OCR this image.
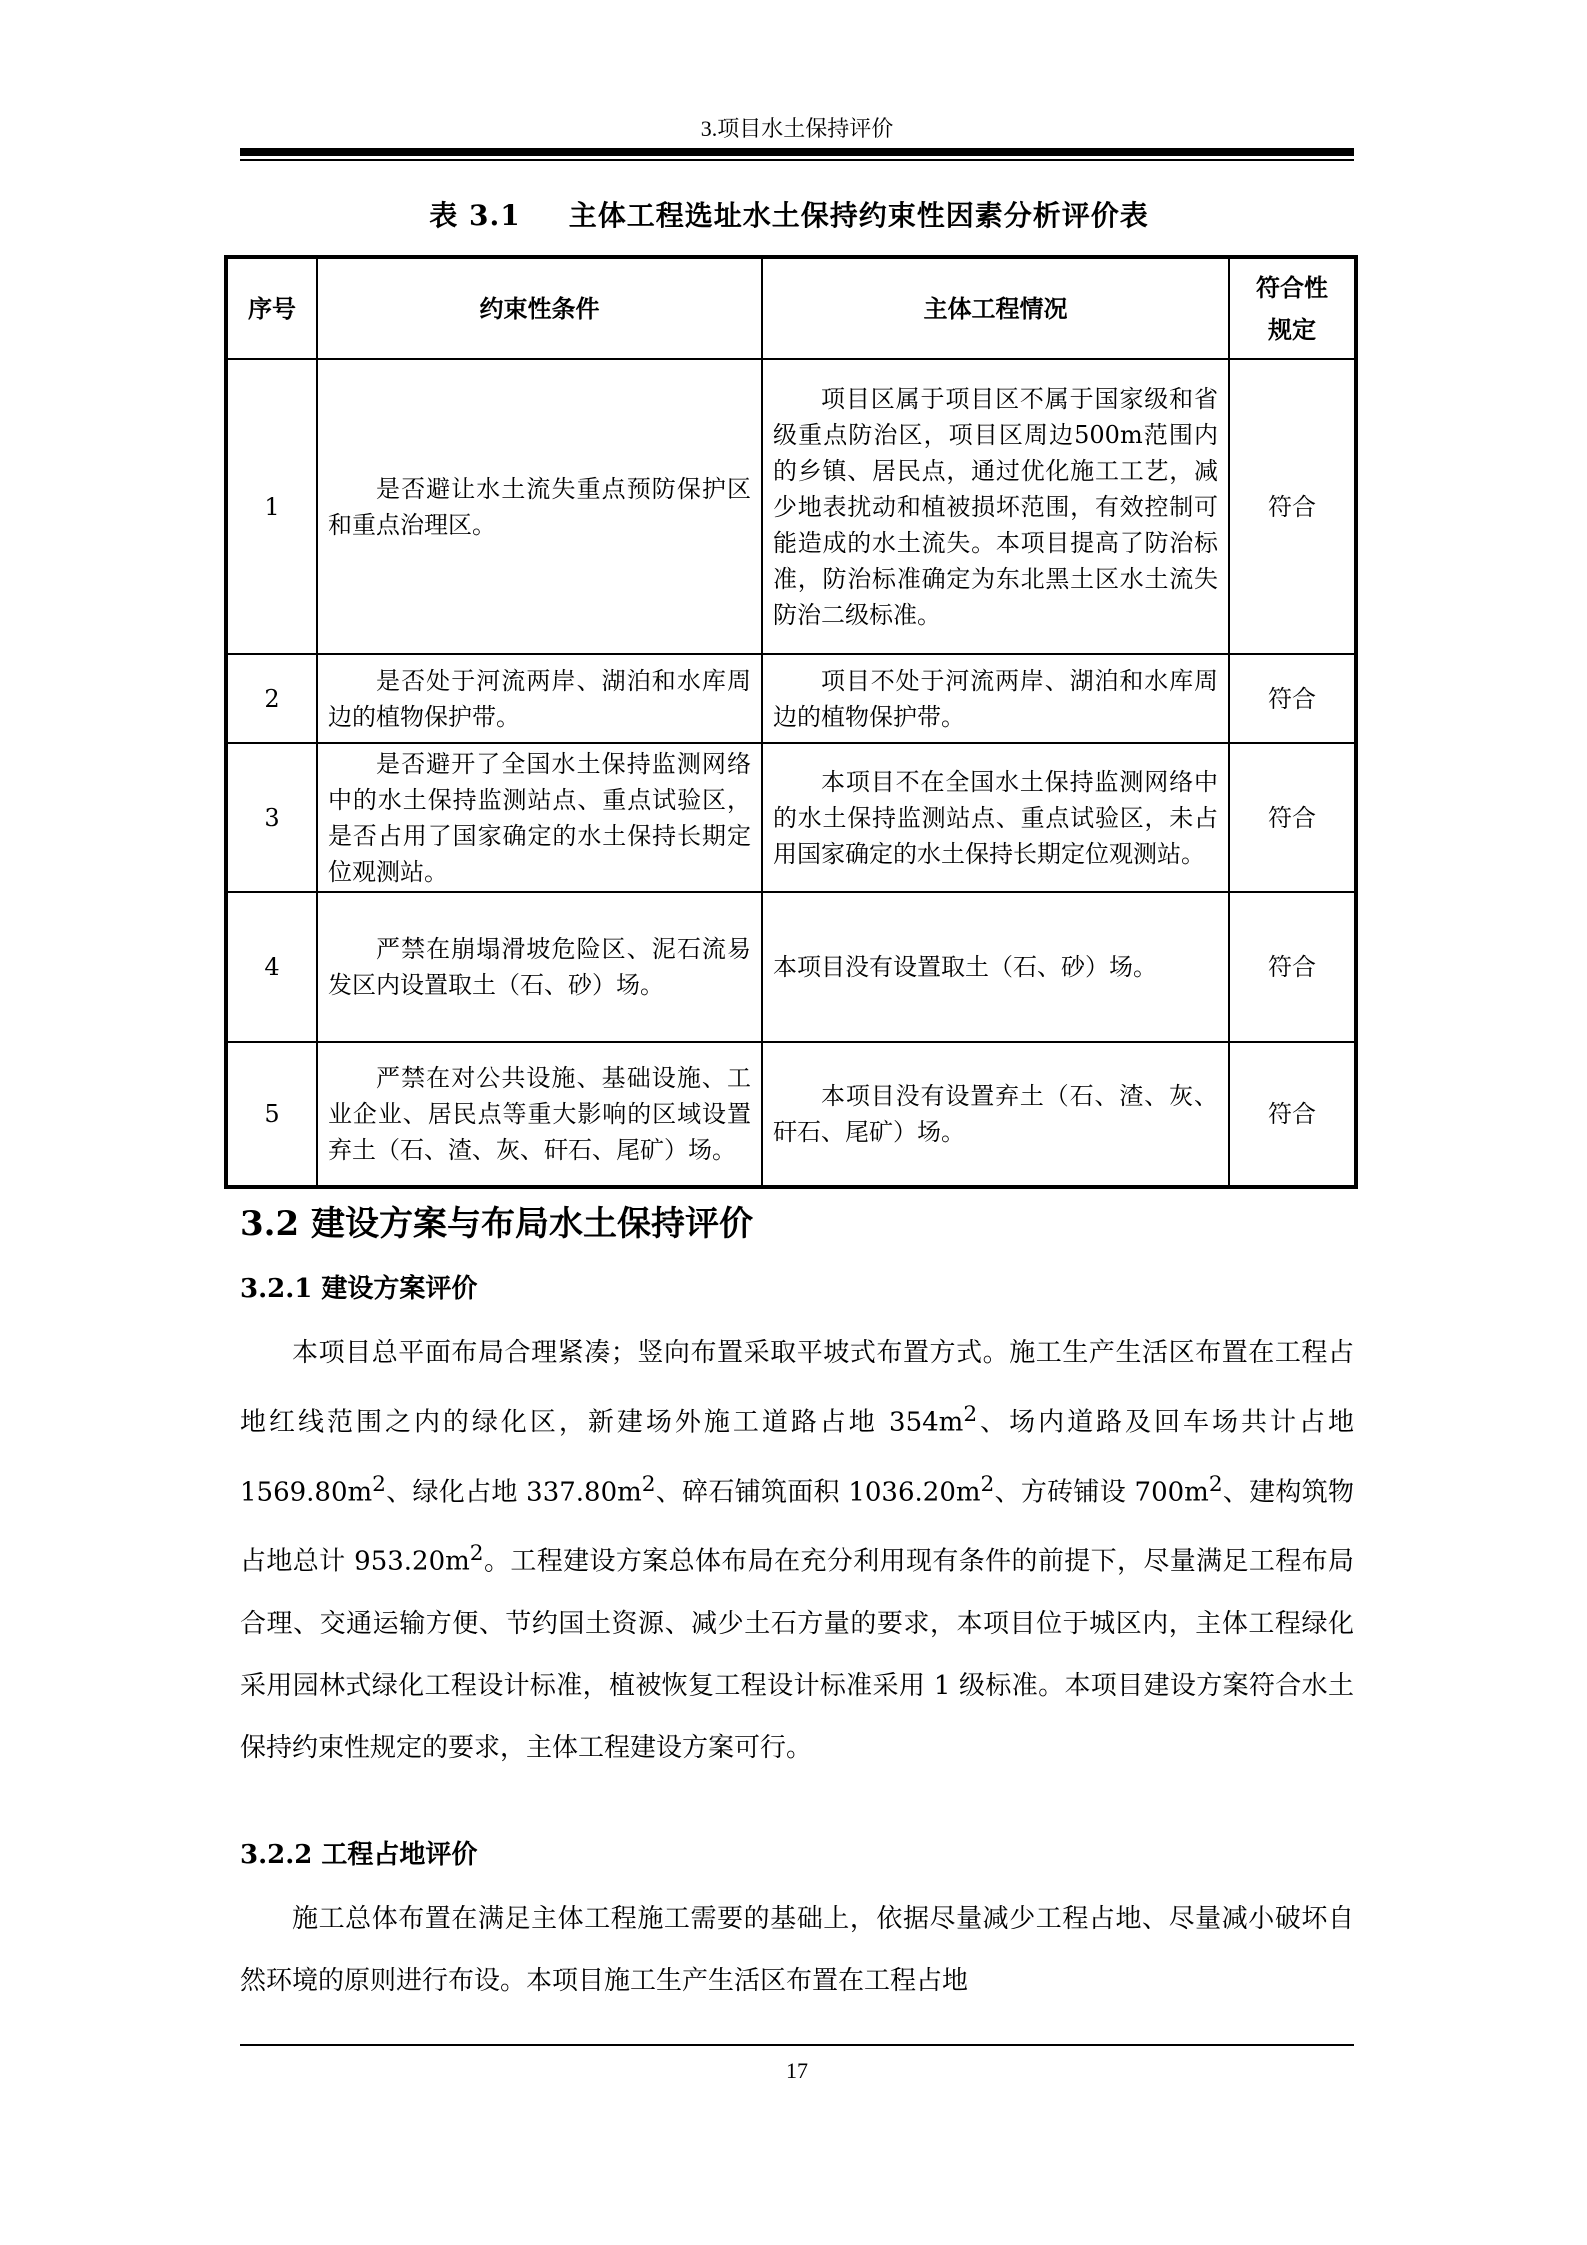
3.项目水土保持评价
表 3.1 主体工程选址水土保持约束性因素分析评价表
序号	约束性条件	主体工程情况	符合性规定
1	是否避让水土流失重点预防保护区和重点治理区。	项目区属于项目区不属于国家级和省级重点防治区，项目区周边500m范围内的乡镇、居民点，通过优化施工工艺，减少地表扰动和植被损坏范围，有效控制可能造成的水土流失。本项目提高了防治标准，防治标准确定为东北黑土区水土流失防治二级标准。	符合
2	是否处于河流两岸、湖泊和水库周边的植物保护带。	项目不处于河流两岸、湖泊和水库周边的植物保护带。	符合
3	是否避开了全国水土保持监测网络中的水土保持监测站点、重点试验区，是否占用了国家确定的水土保持长期定位观测站。	本项目不在全国水土保持监测网络中的水土保持监测站点、重点试验区，未占用国家确定的水土保持长期定位观测站。	符合
4	严禁在崩塌滑坡危险区、泥石流易发区内设置取土（石、砂）场。	本项目没有设置取土（石、砂）场。	符合
5	严禁在对公共设施、基础设施、工业企业、居民点等重大影响的区域设置弃土（石、渣、灰、矸石、尾矿）场。	本项目没有设置弃土（石、渣、灰、矸石、尾矿）场。	符合
3.2 建设方案与布局水土保持评价
3.2.1 建设方案评价
本项目总平面布局合理紧凑；竖向布置采取平坡式布置方式。施工生产生活区布置在工程占地红线范围之内的绿化区，新建场外施工道路占地 $354m^2$、场内道路及回车场共计占地 $1569.80m^2$、绿化占地 $337.80m^2$、碎石铺筑面积 $1036.20m^2$、方砖铺设 $700m^2$、建构筑物占地总计 $953.20m^2$。工程建设方案总体布局在充分利用现有条件的前提下，尽量满足工程布局合理、交通运输方便、节约国土资源、减少土石方量的要求，本项目位于城区内，主体工程绿化采用园林式绿化工程设计标准，植被恢复工程设计标准采用 1 级标准。本项目建设方案符合水土保持约束性规定的要求，主体工程建设方案可行。
3.2.2 工程占地评价
施工总体布置在满足主体工程施工需要的基础上，依据尽量减少工程占地、尽量减小破坏自然环境的原则进行布设。本项目施工生产生活区布置在工程占地
17
